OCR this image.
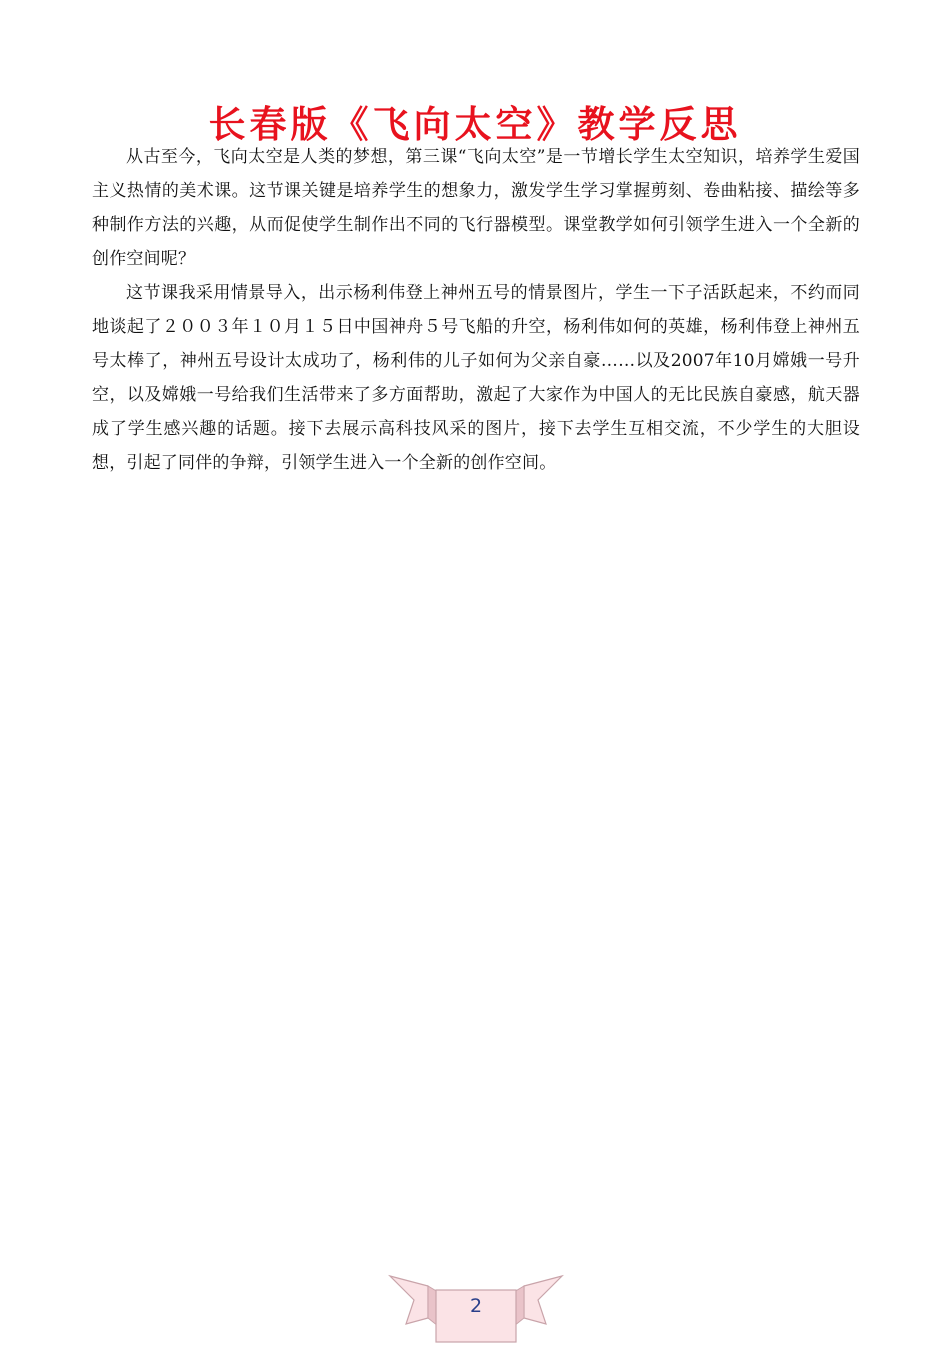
长春版《飞向太空》教学反思

从古至今，飞向太空是人类的梦想，第三课“飞向太空”是一节增长学生太空知识，培养学生爱国主义热情的美术课。这节课关键是培养学生的想象力，激发学生学习掌握剪刻、卷曲粘接、描绘等多种制作方法的兴趣，从而促使学生制作出不同的飞行器模型。课堂教学如何引领学生进入一个全新的创作空间呢？

这节课我采用情景导入，出示杨利伟登上神州五号的情景图片，学生一下子活跃起来，不约而同地谈起了２００３年１０月１５日中国神舟５号飞船的升空，杨利伟如何的英雄，杨利伟登上神州五号太棒了，神州五号设计太成功了，杨利伟的儿子如何为父亲自豪……以及2007年10月嫦娥一号升空，以及嫦娥一号给我们生活带来了多方面帮助，激起了大家作为中国人的无比民族自豪感，航天器成了学生感兴趣的话题。接下去展示高科技风采的图片，接下去学生互相交流，不少学生的大胆设想，引起了同伴的争辩，引领学生进入一个全新的创作空间。

2
